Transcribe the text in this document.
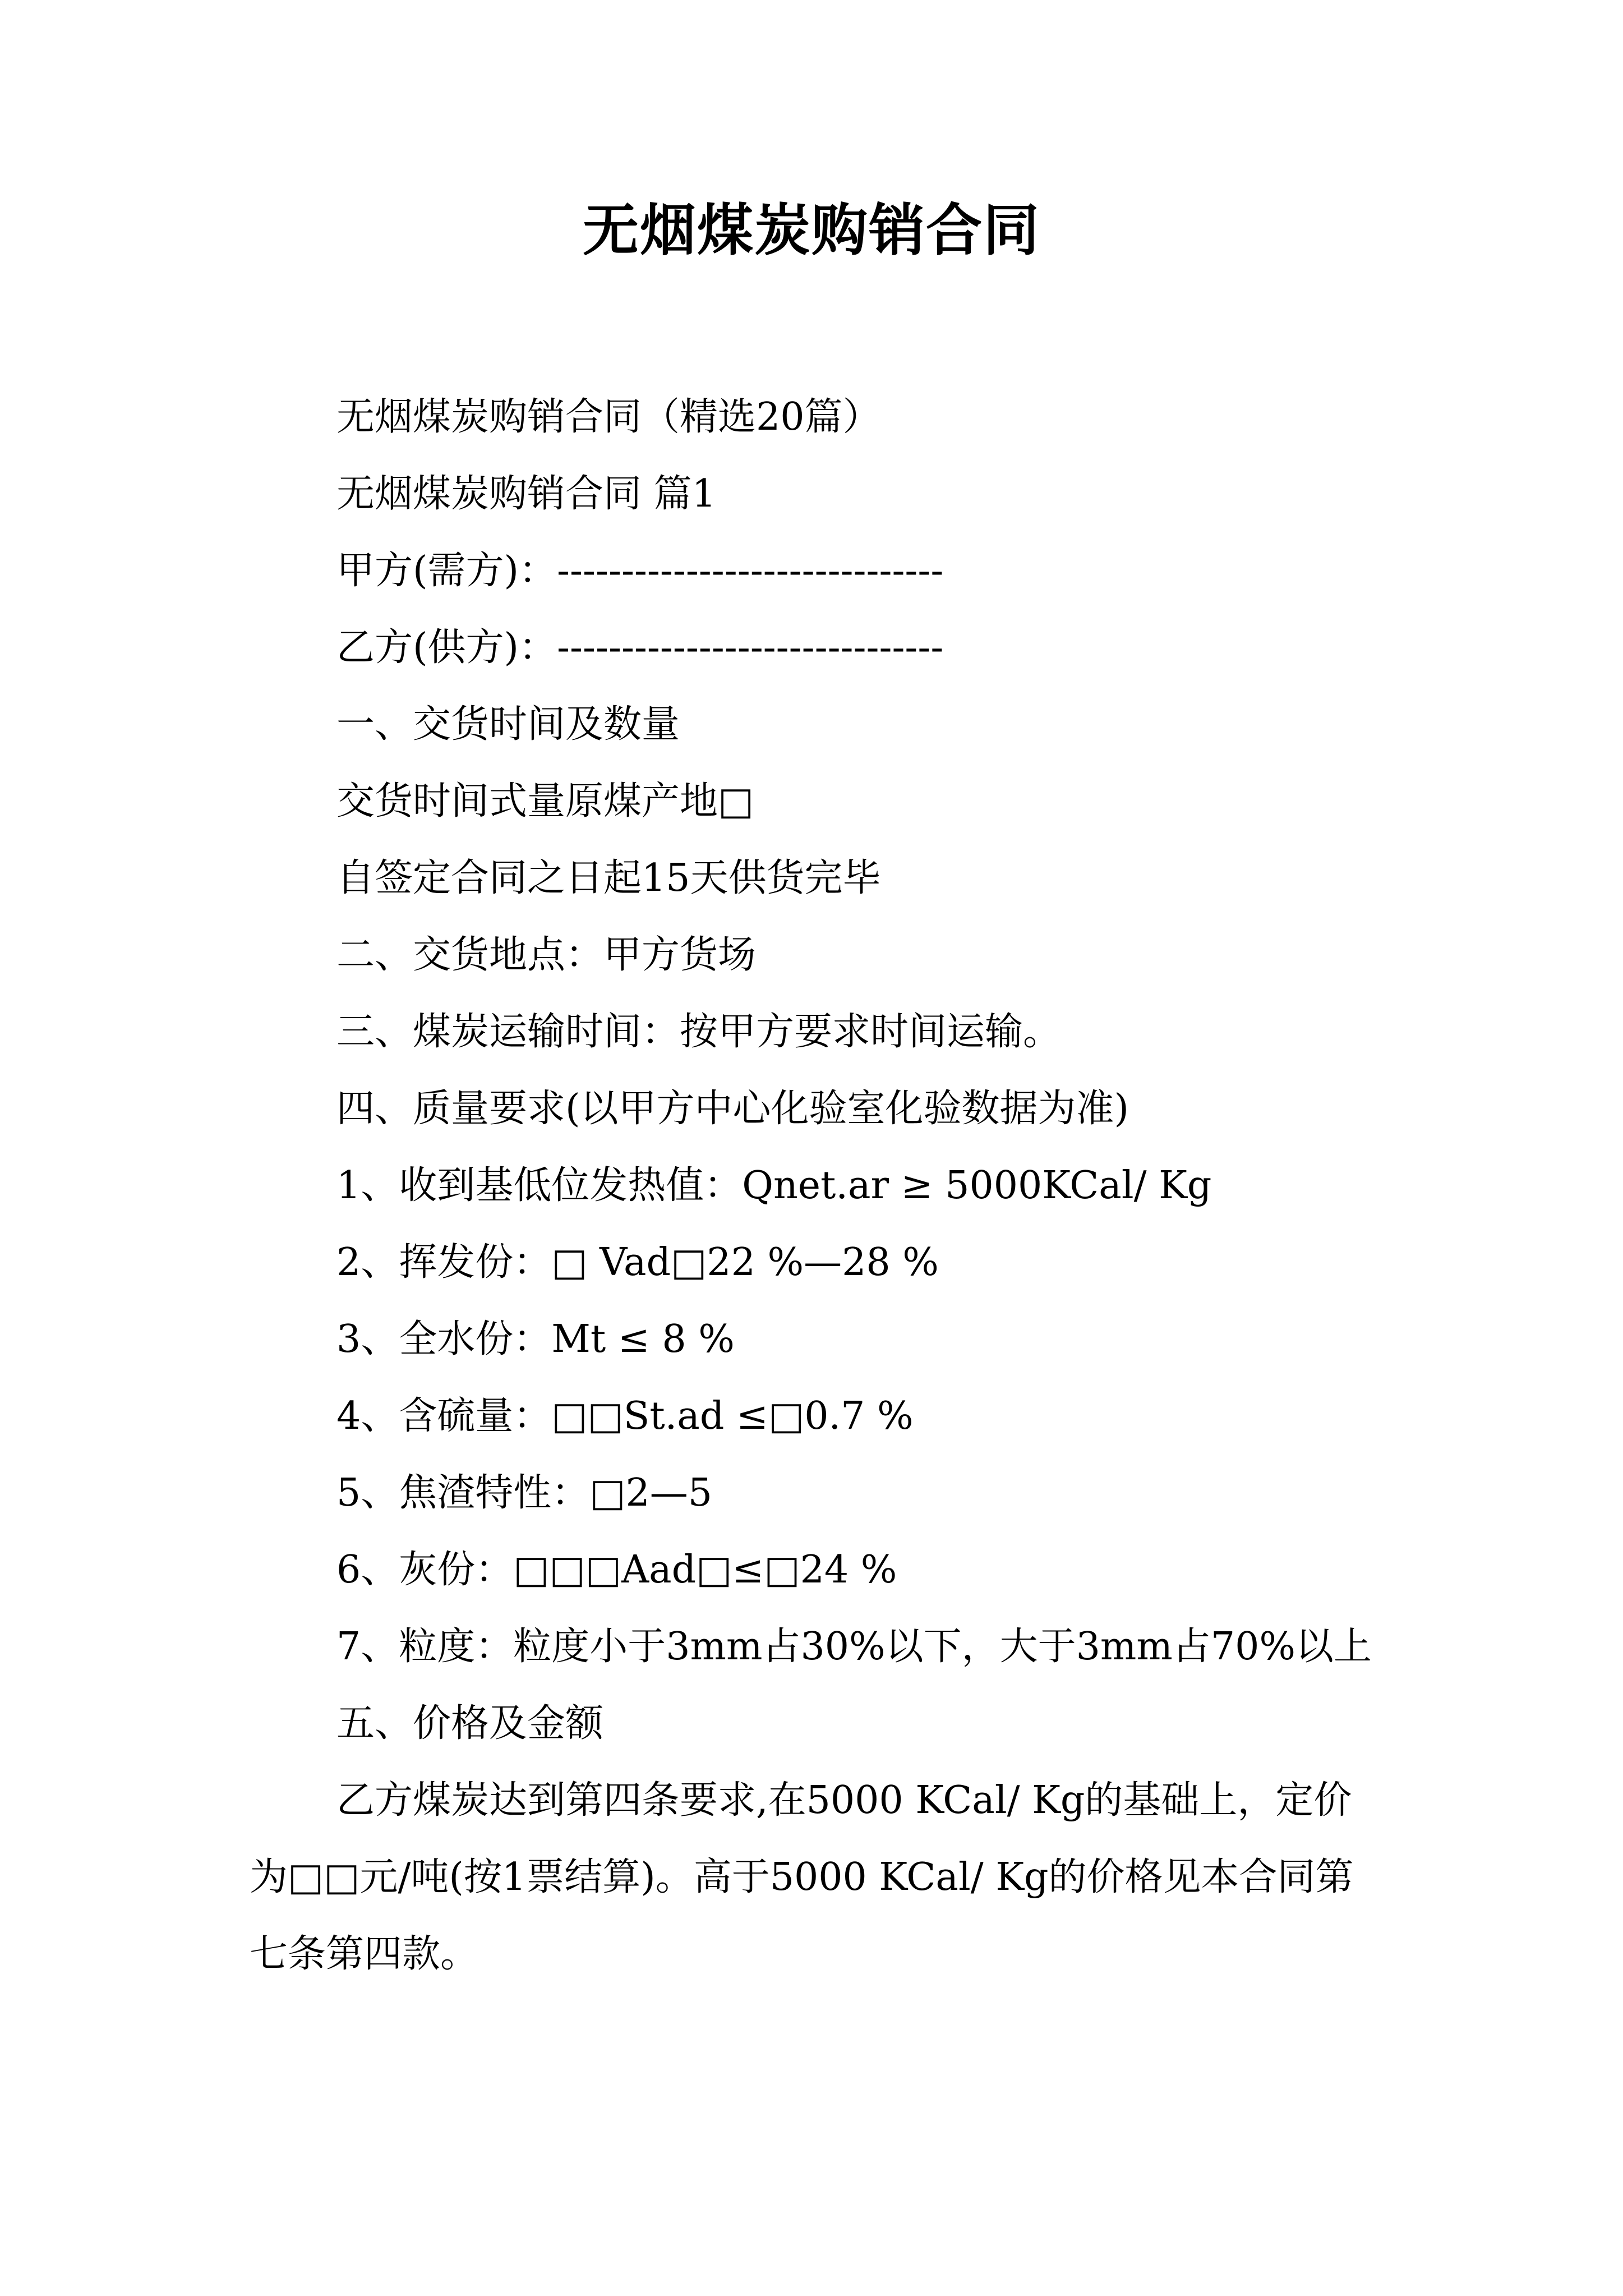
无烟煤炭购销合同

无烟煤炭购销合同（精选20篇）

无烟煤炭购销合同 篇1

甲方(需方)：------------------------------

乙方(供方)：------------------------------

一、交货时间及数量

交货时间式量原煤产地□

自签定合同之日起15天供货完毕

二、交货地点：甲方货场

三、煤炭运输时间：按甲方要求时间运输。

四、质量要求(以甲方中心化验室化验数据为准)

1、收到基低位发热值：Qnet.ar ≥ 5000KCal/ Kg

2、挥发份：□ Vad□22 %—28 %

3、全水份：Mt ≤ 8 %

4、含硫量：□□St.ad ≤□0.7 %

5、焦渣特性：□2—5

6、灰份：□□□Aad□≤□24 %

7、粒度：粒度小于3mm占30%以下，大于3mm占70%以上

五、价格及金额

乙方煤炭达到第四条要求,在5000 KCal/ Kg的基础上，定价为□□元/吨(按1票结算)。高于5000 KCal/ Kg的价格见本合同第七条第四款。
